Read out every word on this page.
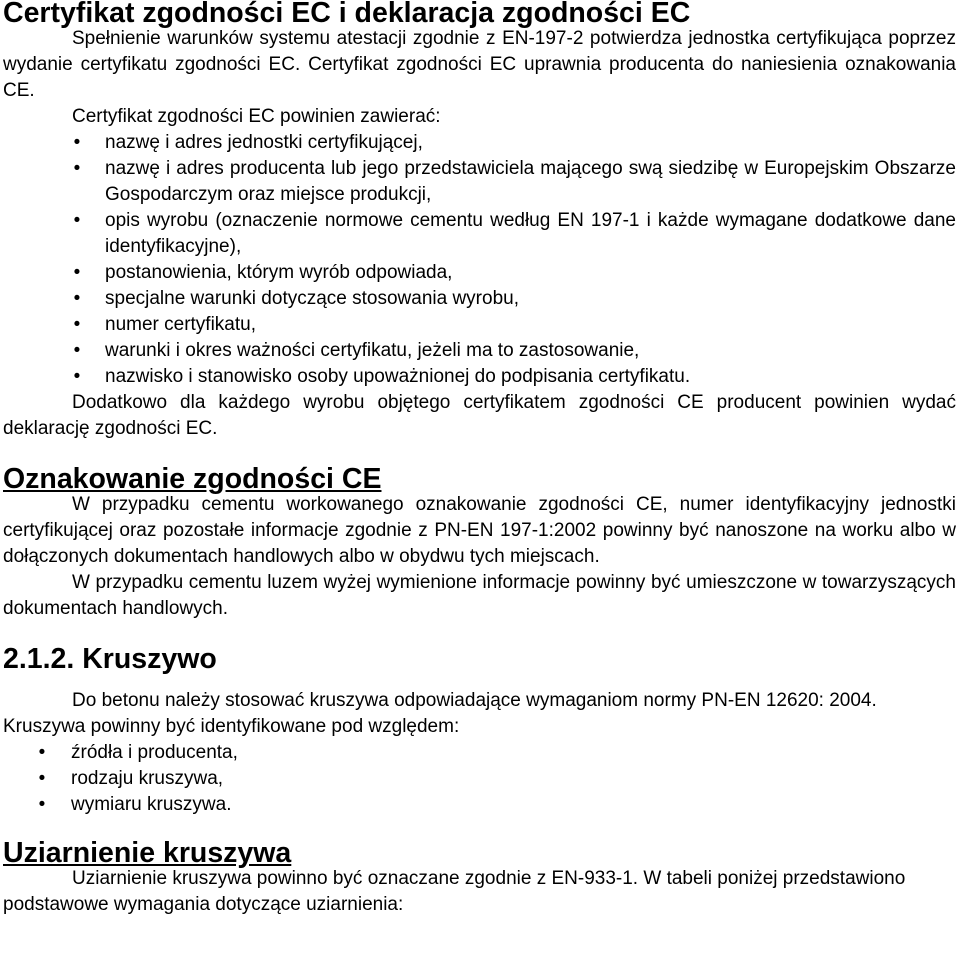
Certyfikat zgodności EC i deklaracja zgodności EC

Spełnienie warunków systemu atestacji zgodnie z EN-197-2 potwierdza jednostka certyfikująca poprzez wydanie certyfikatu zgodności EC. Certyfikat zgodności EC uprawnia producenta do naniesienia oznakowania CE.

Certyfikat zgodności EC powinien zawierać:

• nazwę i adres jednostki certyfikującej,
• nazwę i adres producenta lub jego przedstawiciela mającego swą siedzibę w Europejskim Obszarze Gospodarczym oraz miejsce produkcji,
• opis wyrobu (oznaczenie normowe cementu według EN 197-1 i każde wymagane dodatkowe dane identyfikacyjne),
• postanowienia, którym wyrób odpowiada,
• specjalne warunki dotyczące stosowania wyrobu,
• numer certyfikatu,
• warunki i okres ważności certyfikatu, jeżeli ma to zastosowanie,
• nazwisko i stanowisko osoby upoważnionej do podpisania certyfikatu.

Dodatkowo dla każdego wyrobu objętego certyfikatem zgodności CE producent powinien wydać deklarację zgodności EC.

Oznakowanie zgodności CE

W przypadku cementu workowanego oznakowanie zgodności CE, numer identyfikacyjny jednostki certyfikującej oraz pozostałe informacje zgodnie z PN-EN 197-1:2002 powinny być nanoszone na worku albo w dołączonych dokumentach handlowych albo w obydwu tych miejscach.

W przypadku cementu luzem wyżej wymienione informacje powinny być umieszczone w towarzyszących dokumentach handlowych.

2.1.2. Kruszywo

Do betonu należy stosować kruszywa odpowiadające wymaganiom normy PN-EN 12620: 2004.

Kruszywa powinny być identyfikowane pod względem:

• źródła i producenta,
• rodzaju kruszywa,
• wymiaru kruszywa.
Uziarnienie kruszywa

Uziarnienie kruszywa powinno być oznaczane zgodnie z EN-933-1. W tabeli poniżej przedstawiono

podstawowe wymagania dotyczące uziarnienia:
